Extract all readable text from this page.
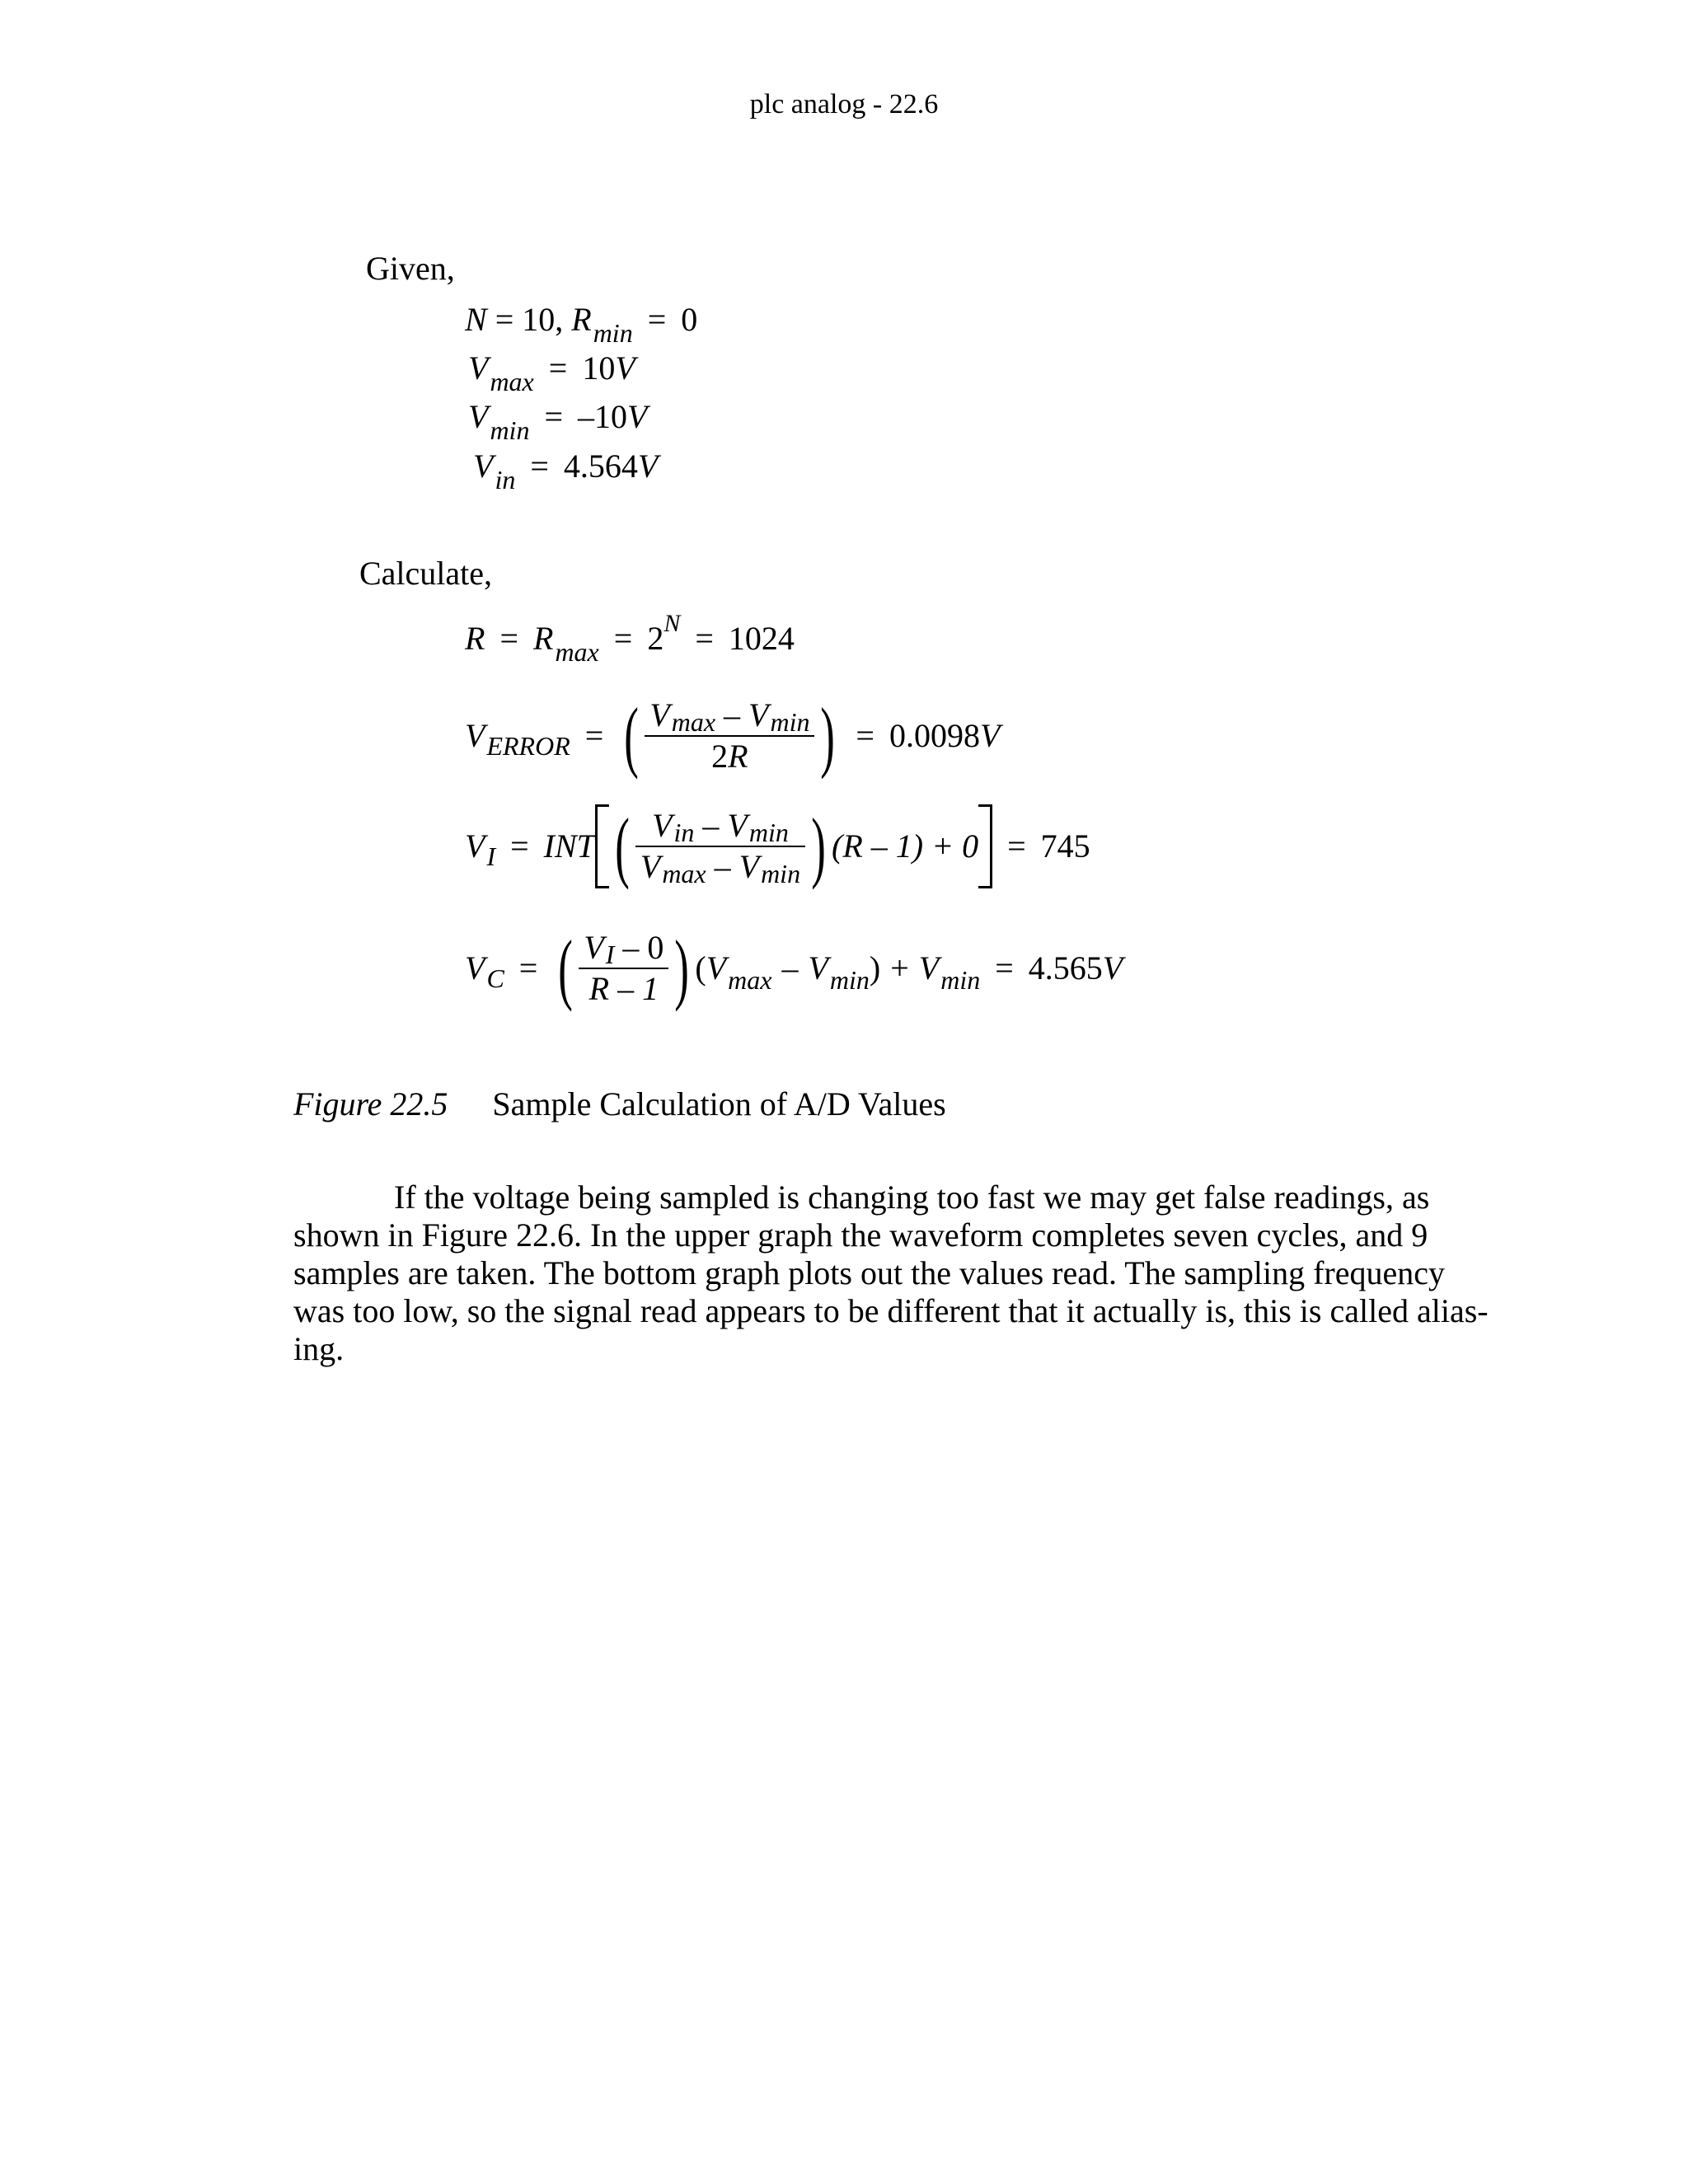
plc analog - 22.6
Given,
N = 10, $R_{min} = 0$
$V_{max} = 10V$
$V_{min} = -10V$
$V_{in} = 4.564V$
Calculate,
$R = R_{max} = 2^N = 1024$
V ERROR = ( $\frac{Vmax - Vmin}{2R}$ ) = 0.0098 V
V I = INT ( $\frac{\text{Vin – Vmin}}{Vmax - Vmin}$ ) (R – 1) + 0 = 745
V C = ( $\frac{VI - 0}{R - 1}$ ) ( V max – V min ) + V min = 4.565 V
Figure 22.5 Sample Calculation of A/D Values
If the voltage being sampled is changing too fast we may get false readings, as
shown in Figure 22.6. In the upper graph the waveform completes seven cycles, and 9
samples are taken. The bottom graph plots out the values read. The sampling frequency
was too low, so the signal read appears to be different that it actually is, this is called alias-
ing.
